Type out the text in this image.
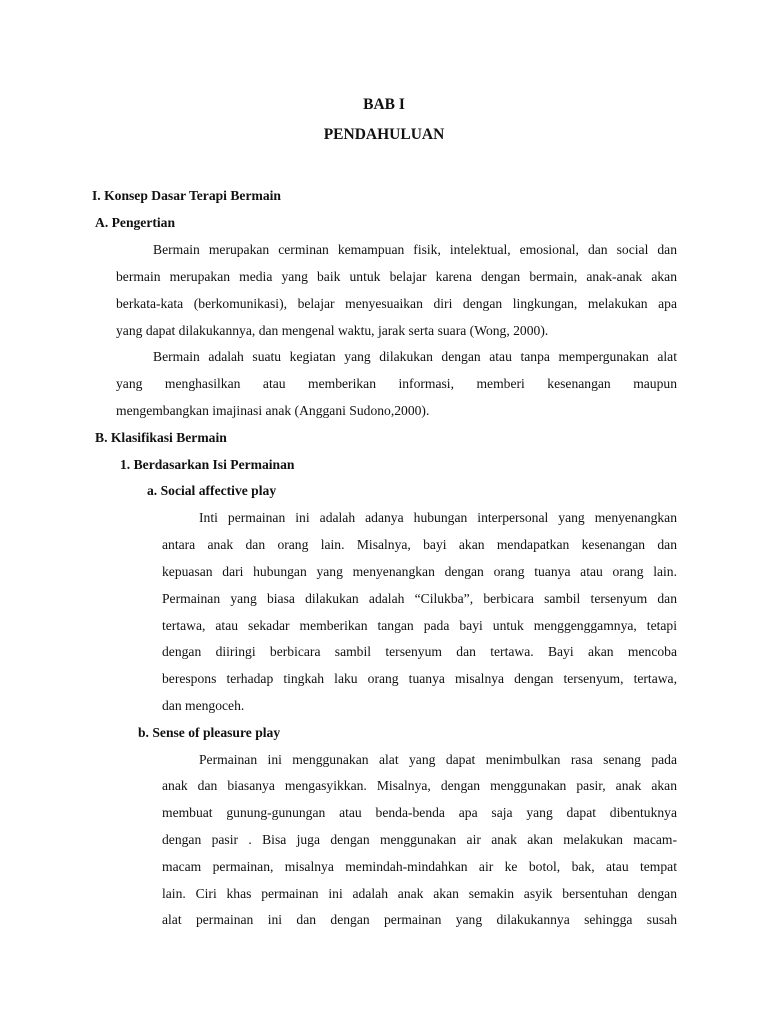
BAB I
PENDAHULUAN
I. Konsep Dasar Terapi Bermain
A. Pengertian
Bermain merupakan cerminan kemampuan fisik, intelektual, emosional, dan social dan
bermain merupakan media yang baik untuk belajar karena dengan bermain, anak-anak akan
berkata-kata (berkomunikasi), belajar menyesuaikan diri dengan lingkungan, melakukan apa
yang dapat dilakukannya, dan mengenal waktu, jarak serta suara (Wong, 2000).
Bermain adalah suatu kegiatan yang dilakukan dengan atau tanpa mempergunakan alat
yang menghasilkan atau memberikan informasi, memberi kesenangan maupun
mengembangkan imajinasi anak (Anggani Sudono,2000).
B. Klasifikasi Bermain
1. Berdasarkan Isi Permainan
a. Social affective play
Inti permainan ini adalah adanya hubungan interpersonal yang menyenangkan
antara anak dan orang lain. Misalnya, bayi akan mendapatkan kesenangan dan
kepuasan dari hubungan yang menyenangkan dengan orang tuanya atau orang lain.
Permainan yang biasa dilakukan adalah “Cilukba”, berbicara sambil tersenyum dan
tertawa, atau sekadar memberikan tangan pada bayi untuk menggenggamnya, tetapi
dengan diiringi berbicara sambil tersenyum dan tertawa. Bayi akan mencoba
berespons terhadap tingkah laku orang tuanya misalnya dengan tersenyum, tertawa,
dan mengoceh.
b. Sense of pleasure play
Permainan ini menggunakan alat yang dapat menimbulkan rasa senang pada
anak dan biasanya mengasyikkan. Misalnya, dengan menggunakan pasir, anak akan
membuat gunung-gunungan atau benda-benda apa saja yang dapat dibentuknya
dengan pasir . Bisa juga dengan menggunakan air anak akan melakukan macam-
macam permainan, misalnya memindah-mindahkan air ke botol, bak, atau tempat
lain. Ciri khas permainan ini adalah anak akan semakin asyik bersentuhan dengan
alat permainan ini dan dengan permainan yang dilakukannya sehingga susah
